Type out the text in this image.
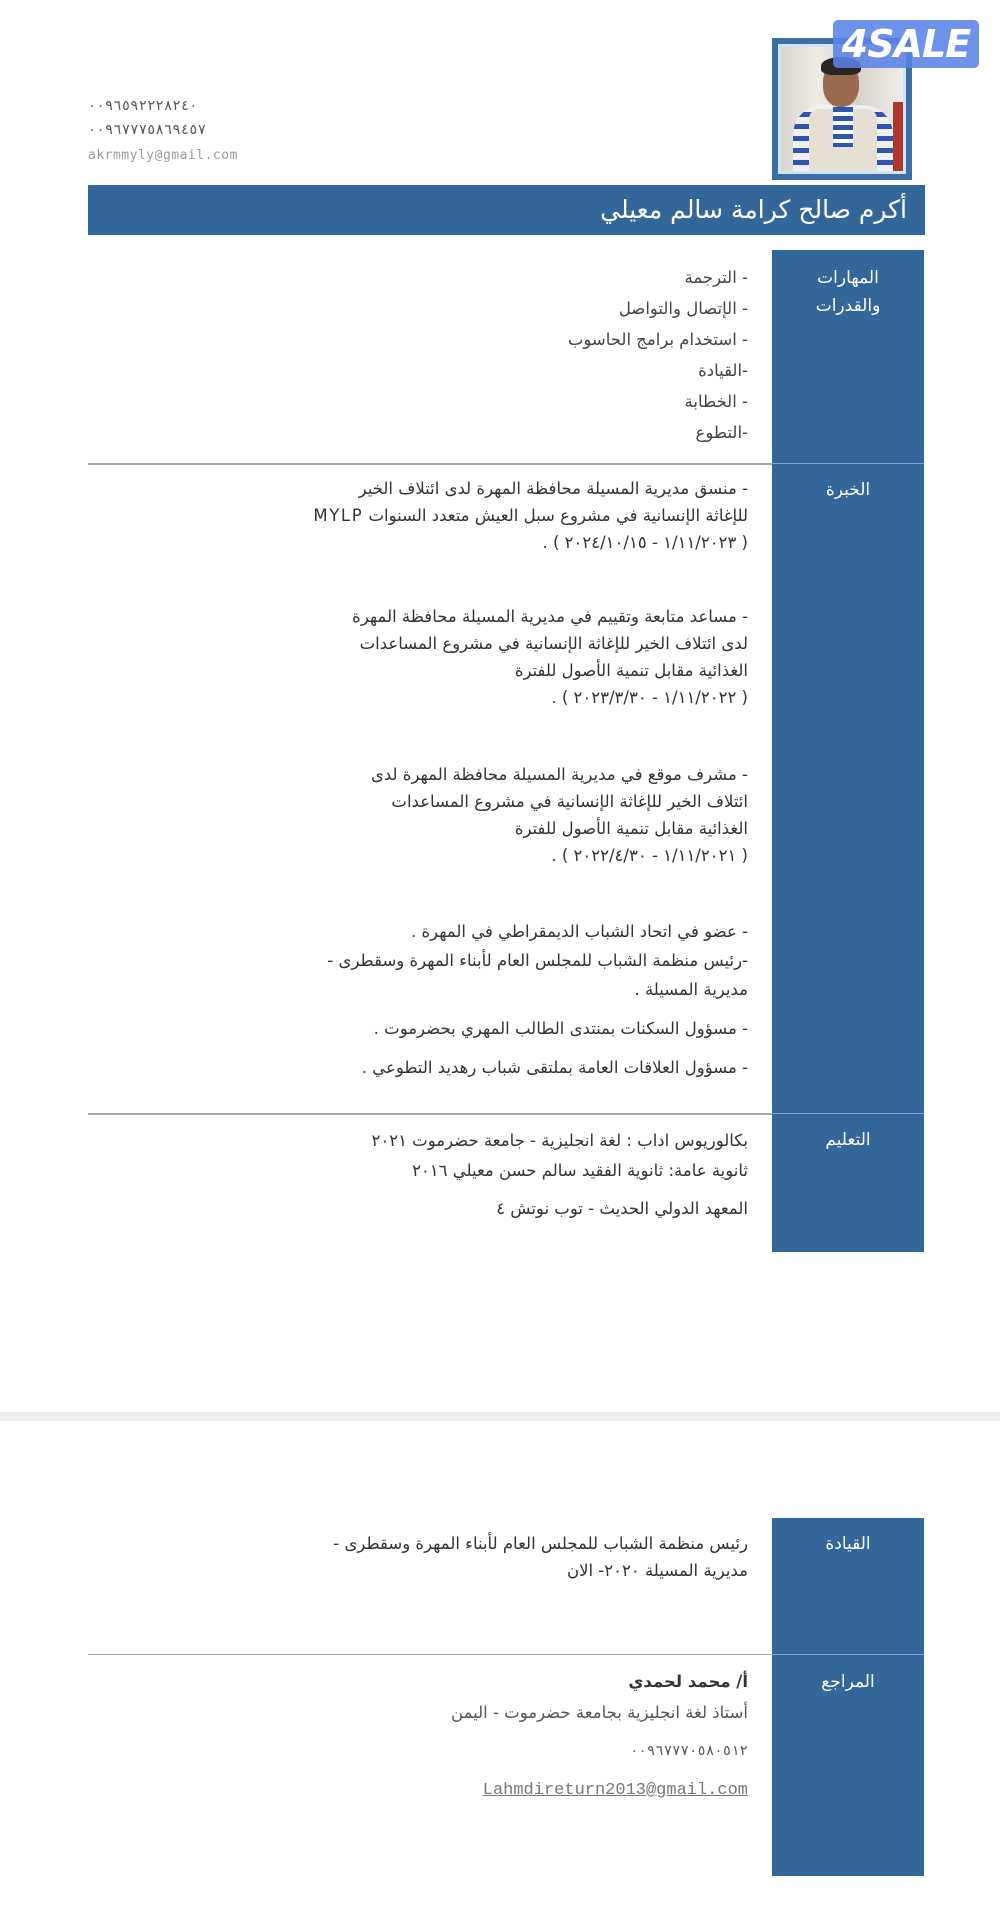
٠٠٩٦٥٩٢٢٢٨٢٤٠
٠٠٩٦٧٧٧٥٨٦٩٤٥٧
akrmmyly@gmail.com
4SALE
أكرم صالح كرامة سالم معيلي
المهارات
والقدرات
الخبرة
التعليم
- الترجمة
- الإتصال والتواصل
- استخدام برامج الحاسوب
-القيادة
- الخطابة
-التطوع
- منسق مديرية المسيلة محافظة المهرة لدى ائتلاف الخير
للإغاثة الإنسانية في مشروع سبل العيش متعدد السنوات MYLP
( ١/١١/٢٠٢٣ - ٢٠٢٤/١٠/١٥ ) .
- مساعد متابعة وتقييم في مديرية المسيلة محافظة المهرة
لدى ائتلاف الخير للإغاثة الإنسانية في مشروع المساعدات
الغذائية مقابل تنمية الأصول للفترة
( ١/١١/٢٠٢٢ - ٢٠٢٣/٣/٣٠ ) .
- مشرف موقع في مديرية المسيلة محافظة المهرة لدى
ائتلاف الخير للإغاثة الإنسانية في مشروع المساعدات
الغذائية مقابل تنمية الأصول للفترة
( ١/١١/٢٠٢١ - ٢٠٢٢/٤/٣٠ ) .
- عضو في اتحاد الشباب الديمقراطي في المهرة .
-رئيس منظمة الشباب للمجلس العام لأبناء المهرة وسقطرى -
مديرية المسيلة .
- مسؤول السكنات بمنتدى الطالب المهري بحضرموت .
- مسؤول العلاقات العامة بملتقى شباب رهديد التطوعي .
بكالوريوس اداب : لغة انجليزية - جامعة حضرموت ٢٠٢١
ثانوية عامة: ثانوية الفقيد سالم حسن معيلي ٢٠١٦
المعهد الدولي الحديث - توب نوتش ٤
القيادة
المراجع
رئيس منظمة الشباب للمجلس العام لأبناء المهرة وسقطرى -
مديرية المسيلة ٢٠٢٠- الان
أ/ محمد لحمدي
أستاذ لغة انجليزية بجامعة حضرموت - اليمن
٠٠٩٦٧٧٧٠٥٨٠٥١٢
Lahmdireturn2013@gmail.com
